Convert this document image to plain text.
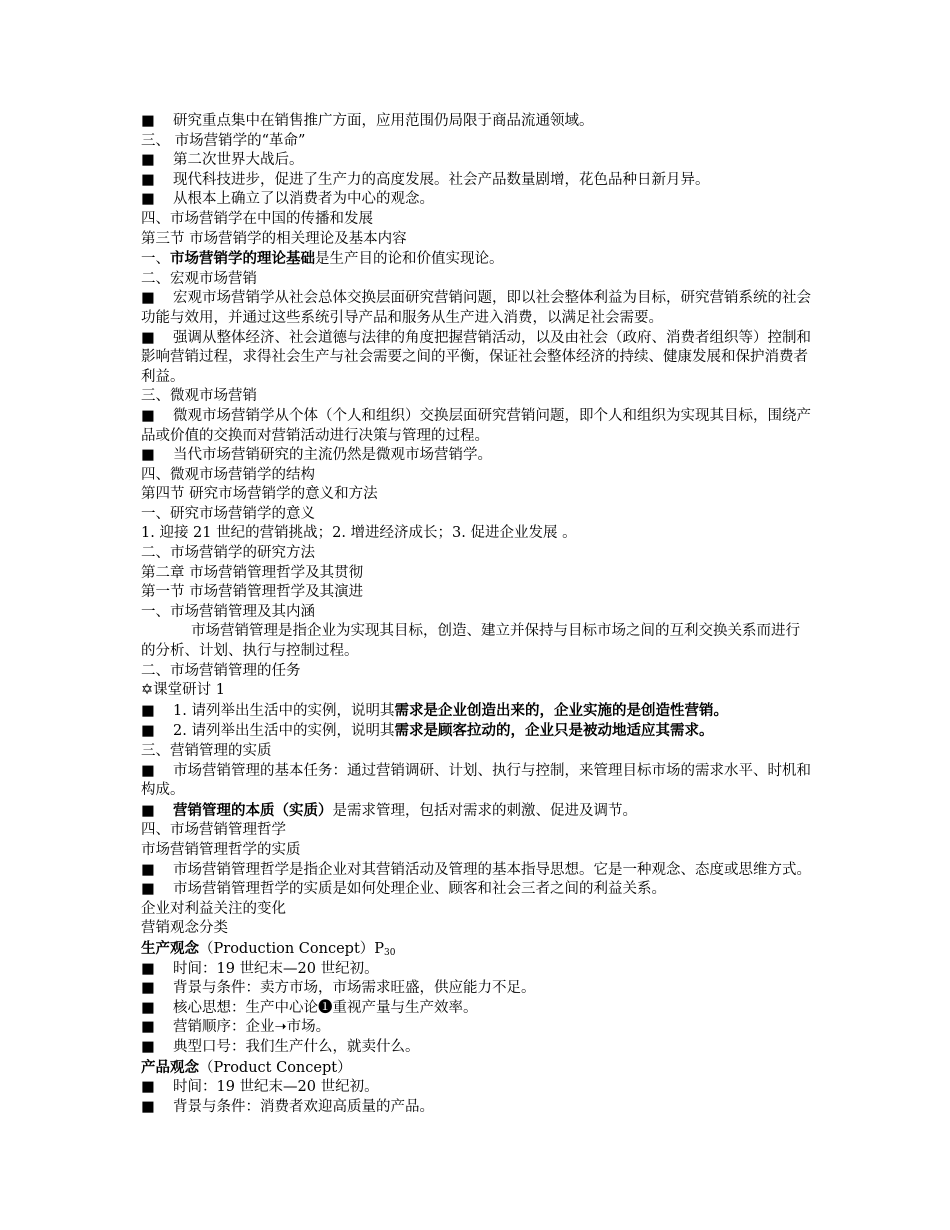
■ 研究重点集中在销售推广方面，应用范围仍局限于商品流通领域。

三、 市场营销学的“革命”

■ 第二次世界大战后。

■ 现代科技进步，促进了生产力的高度发展。社会产品数量剧增，花色品种日新月异。

■ 从根本上确立了以消费者为中心的观念。

四、市场营销学在中国的传播和发展

第三节 市场营销学的相关理论及基本内容

一、市场营销学的理论基础是生产目的论和价值实现论。

二、宏观市场营销

■ 宏观市场营销学从社会总体交换层面研究营销问题，即以社会整体利益为目标，研究营销系统的社会功能与效用，并通过这些系统引导产品和服务从生产进入消费，以满足社会需要。

■ 强调从整体经济、社会道德与法律的角度把握营销活动，以及由社会（政府、消费者组织等）控制和影响营销过程，求得社会生产与社会需要之间的平衡，保证社会整体经济的持续、健康发展和保护消费者利益。

三、微观市场营销

■ 微观市场营销学从个体（个人和组织）交换层面研究营销问题，即个人和组织为实现其目标，围绕产品或价值的交换而对营销活动进行决策与管理的过程。

■ 当代市场营销研究的主流仍然是微观市场营销学。

四、微观市场营销学的结构

第四节 研究市场营销学的意义和方法

一、研究市场营销学的意义

1. 迎接 21 世纪的营销挑战；2. 增进经济成长；3. 促进企业发展 。

二、市场营销学的研究方法

第二章 市场营销管理哲学及其贯彻

第一节 市场营销管理哲学及其演进

一、市场营销管理及其内涵

市场营销管理是指企业为实现其目标，创造、建立并保持与目标市场之间的互利交换关系而进行的分析、计划、执行与控制过程。

二、市场营销管理的任务

✡课堂研讨 1

■ 1. 请列举出生活中的实例，说明其需求是企业创造出来的，企业实施的是创造性营销。

■ 2. 请列举出生活中的实例，说明其需求是顾客拉动的，企业只是被动地适应其需求。

三、营销管理的实质

■ 市场营销管理的基本任务：通过营销调研、计划、执行与控制，来管理目标市场的需求水平、时机和构成。

■ 营销管理的本质（实质）是需求管理，包括对需求的刺激、促进及调节。

四、市场营销管理哲学

市场营销管理哲学的实质

■ 市场营销管理哲学是指企业对其营销活动及管理的基本指导思想。它是一种观念、态度或思维方式。

■ 市场营销管理哲学的实质是如何处理企业、顾客和社会三者之间的利益关系。

企业对利益关注的变化

营销观念分类

生产观念（Production $Concept)P_{30}$

■ 时间：19 世纪末—20 世纪初。

■ 背景与条件：卖方市场，市场需求旺盛，供应能力不足。

■ 核心思想：生产中心论❶重视产量与生产效率。

■ 营销顺序：企业➝市场。

■ 典型口号：我们生产什么，就卖什么。

产品观念（Product Concept）

■ 时间：19 世纪末—20 世纪初。

■ 背景与条件：消费者欢迎高质量的产品。
